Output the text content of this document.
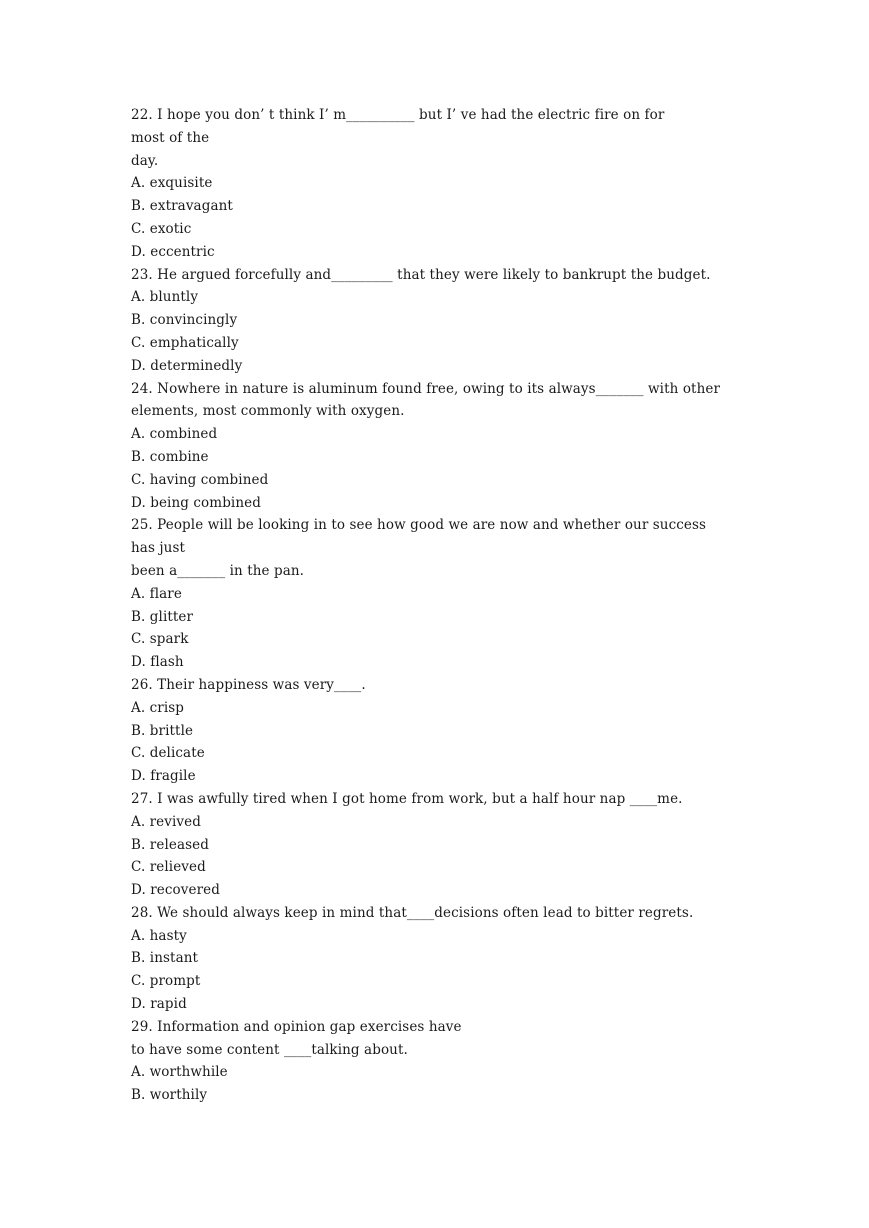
22. I hope you don’ t think I’ m__________ but I’ ve had the electric fire on for
most of the
day.
A. exquisite
B. extravagant
C. exotic
D. eccentric
23. He argued forcefully and_________ that they were likely to bankrupt the budget.
A. bluntly
B. convincingly
C. emphatically
D. determinedly
24. Nowhere in nature is aluminum found free, owing to its always_______ with other
elements, most commonly with oxygen.
A. combined
B. combine
C. having combined
D. being combined
25. People will be looking in to see how good we are now and whether our success
has just
been a_______ in the pan.
A. flare
B. glitter
C. spark
D. flash
26. Their happiness was very____.
A. crisp
B. brittle
C. delicate
D. fragile
27. I was awfully tired when I got home from work, but a half hour nap ____me.
A. revived
B. released
C. relieved
D. recovered
28. We should always keep in mind that____decisions often lead to bitter regrets.
A. hasty
B. instant
C. prompt
D. rapid
29. Information and opinion gap exercises have
to have some content ____talking about.
A. worthwhile
B. worthily
